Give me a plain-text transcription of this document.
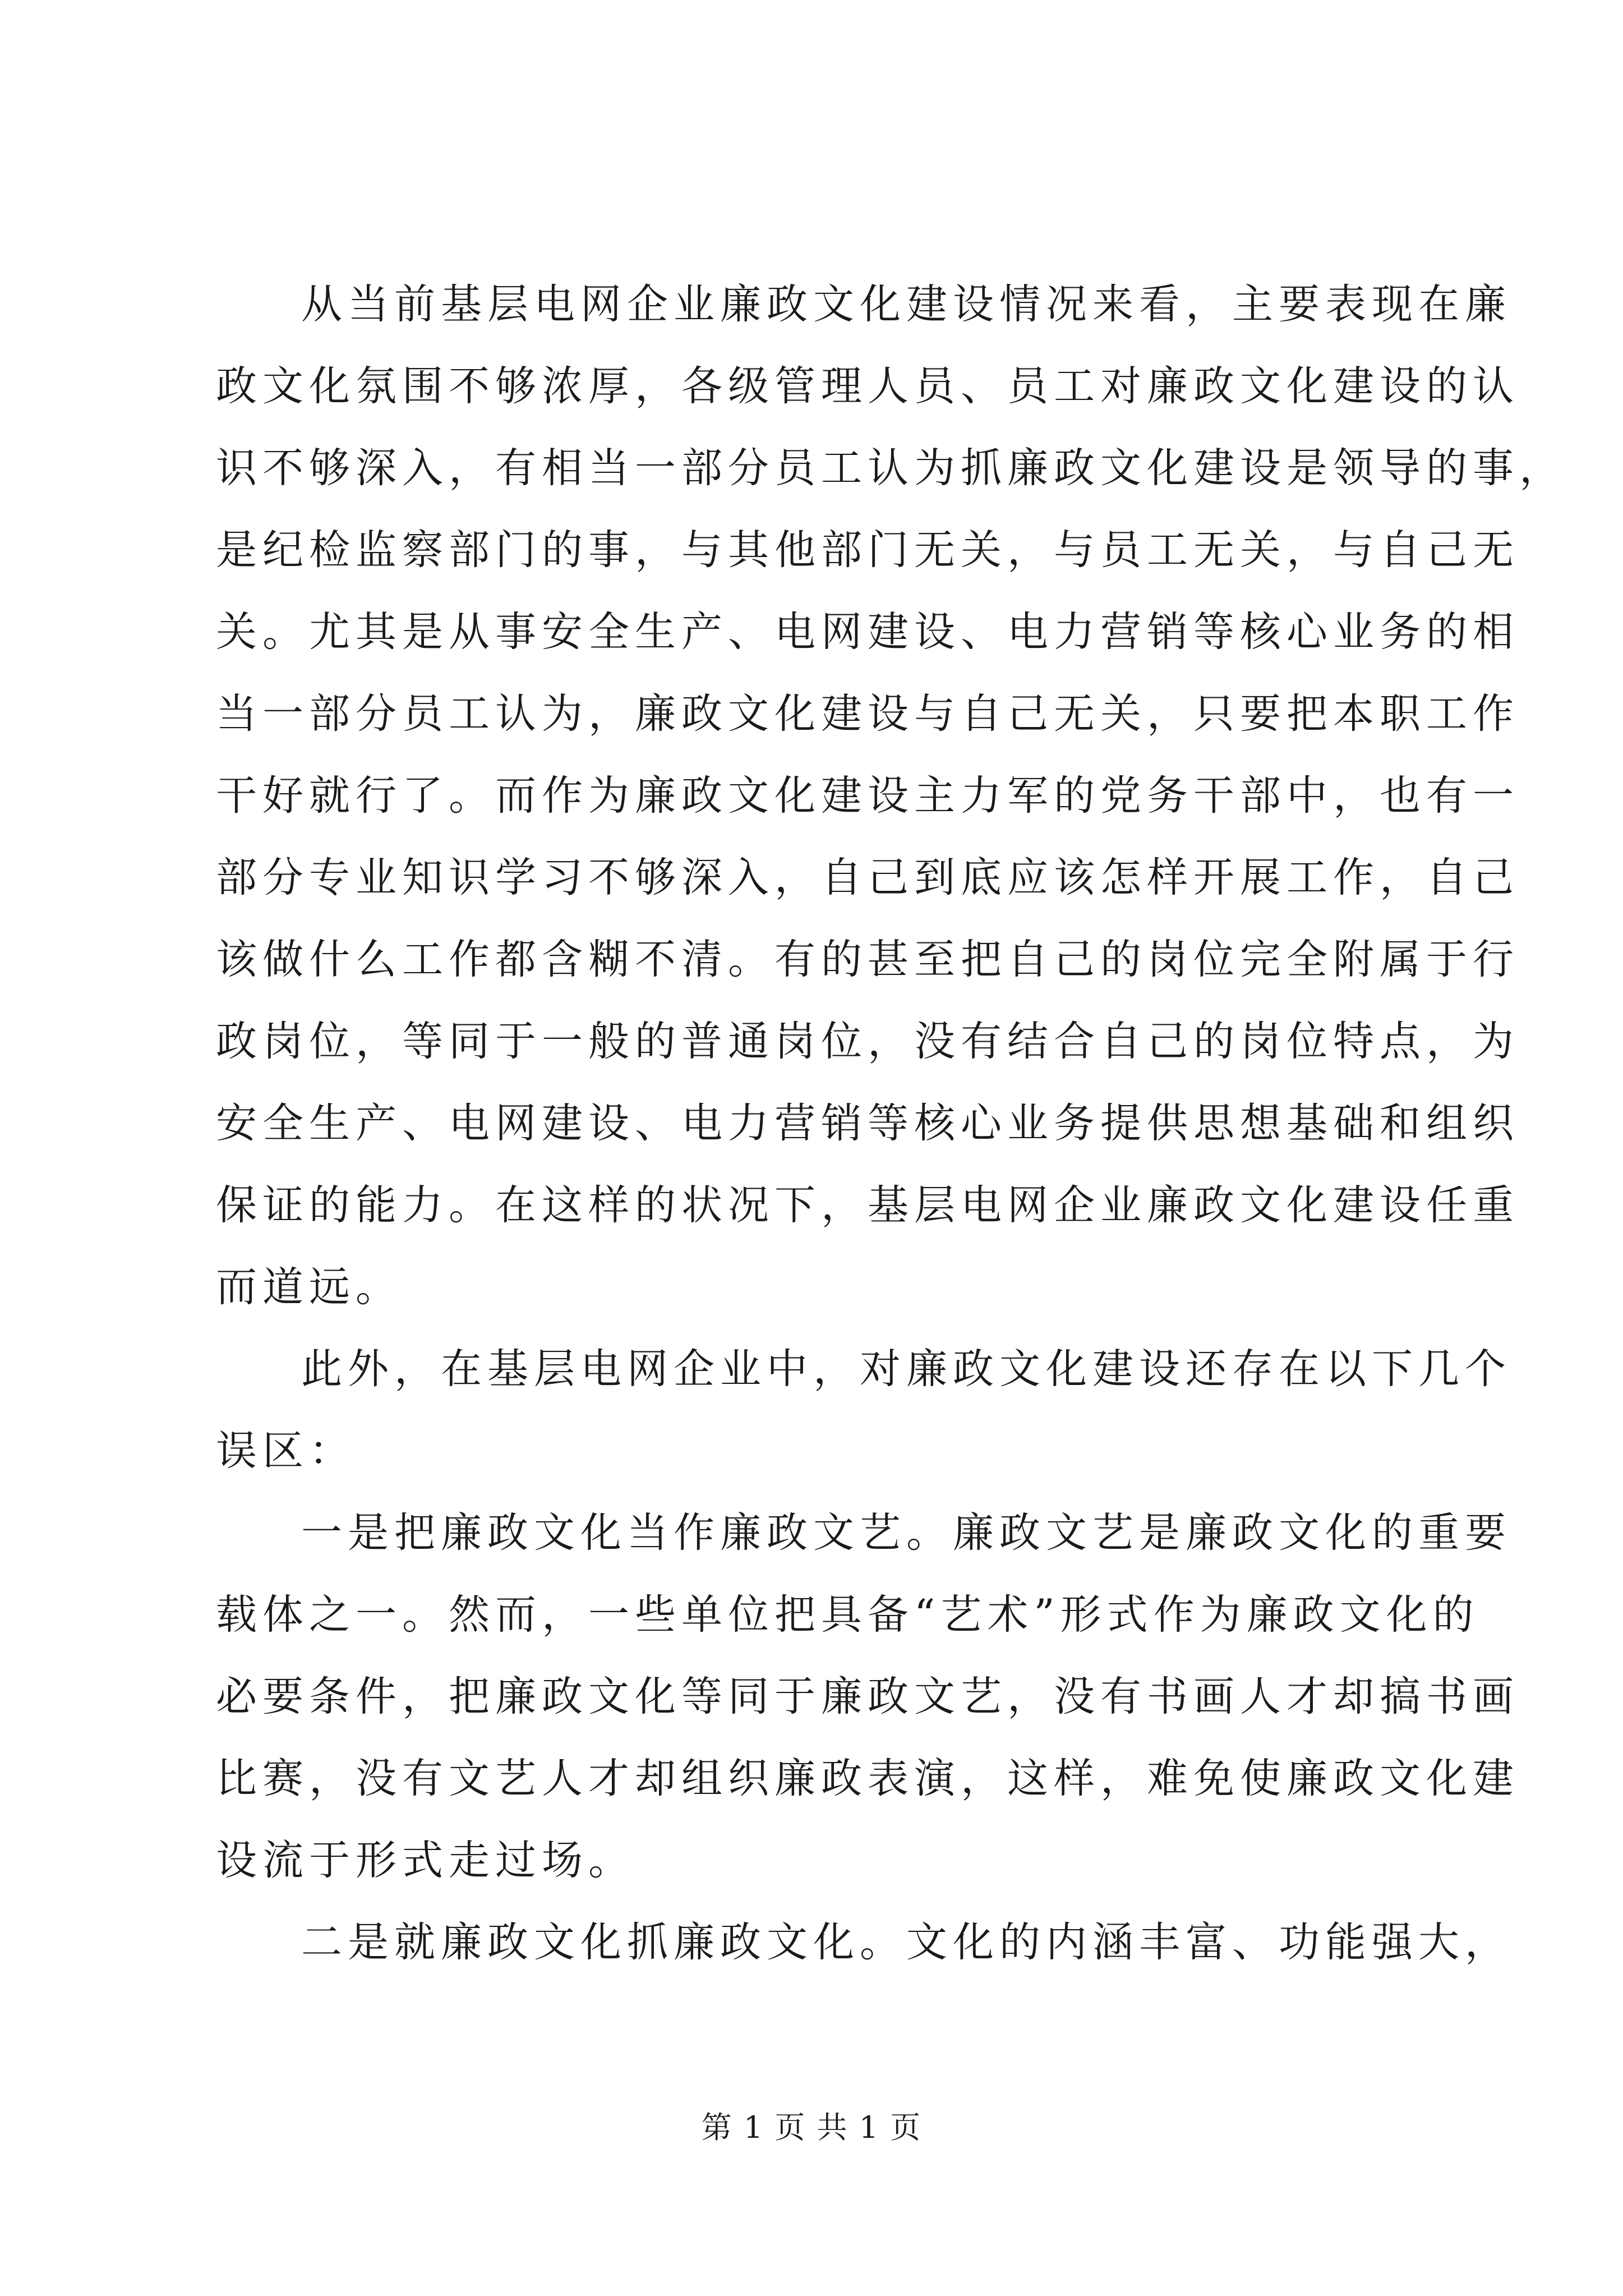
从当前基层电网企业廉政文化建设情况来看，主要表现在廉
政文化氛围不够浓厚，各级管理人员、员工对廉政文化建设的认
识不够深入，有相当一部分员工认为抓廉政文化建设是领导的事，
是纪检监察部门的事，与其他部门无关，与员工无关，与自己无
关。尤其是从事安全生产、电网建设、电力营销等核心业务的相
当一部分员工认为，廉政文化建设与自己无关，只要把本职工作
干好就行了。而作为廉政文化建设主力军的党务干部中，也有一
部分专业知识学习不够深入，自己到底应该怎样开展工作，自己
该做什么工作都含糊不清。有的甚至把自己的岗位完全附属于行
政岗位，等同于一般的普通岗位，没有结合自己的岗位特点，为
安全生产、电网建设、电力营销等核心业务提供思想基础和组织
保证的能力。在这样的状况下，基层电网企业廉政文化建设任重
而道远。
此外，在基层电网企业中，对廉政文化建设还存在以下几个
误区：
一是把廉政文化当作廉政文艺。廉政文艺是廉政文化的重要
载体之一。然而，一些单位把具备“艺术”形式作为廉政文化的
必要条件，把廉政文化等同于廉政文艺，没有书画人才却搞书画
比赛，没有文艺人才却组织廉政表演，这样，难免使廉政文化建
设流于形式走过场。
二是就廉政文化抓廉政文化。文化的内涵丰富、功能强大，
第 1 页 共 1 页
